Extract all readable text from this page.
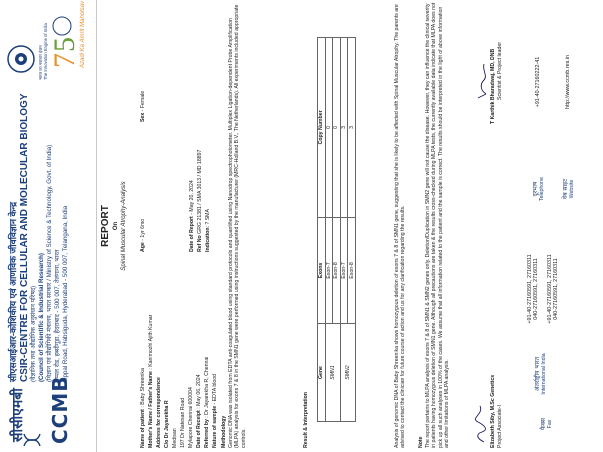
सीसीएमबी CCMB
सीएसआईआर-कोशिकीय एवं आणविक जीवविज्ञान केन्द्र CSIR-CENTRE FOR CELLULAR AND MOLECULAR BIOLOGY (वैज्ञानिक तथा औद्योगिक अनुसंधान परिषद) (Council of Scientific & Industrial Research) (विज्ञान एवं प्रौद्योगिकी मंत्रालय, भारत सरकार / Ministry of Science & Technology, Govt. of India) उप्पल रोड, हब्सीगूड़ा, हैदराबाद - 500 007, तेलंगाना, भारत Uppal Road, Habsiguda, Hyderabad - 500 007, Telangana, India
भारत का नवाचार इंजन The Innovation Engine of India 7
5 Azadi Ka Amrit Mahotsav
REPORT On Spinal Muscular Atrophy-Analysis
Name of patient : Baby Shreenika
Age - 1yr 6mo
Sex - Female
Mother's Name / Father's Name : Kanimozhi Ajith Kumar
Address for correspondence C/o Dr Jayarekha R Medisan 197 Dr Natesan Road Mylapore Chennai 600004 Date of Receipt : May 06, 2024
Date of Report - May 20, 2024
Referred by : Dr Jayarekha R, Chennai
Ref No GRG 21381 / SMA 3013 / MD 18897
Nature of sample - EDTA blood
Indication: ? SMA
Methodology Genomic DNA was isolated from EDTA anti-coagulated blood using standard protocols and quantified using Nanodrop spectrophotometer. Multiplex Ligation-dependent Probe Amplification (MLPA) analysis for exons 7 & 8 in the SMN1 gene were performed using instructions suggested by the manufacturer (MRC-Holland B.V., The Netherlands). All experiments included appropriate controls.	Result & Interpretation
Gene	Exons	Copy Number
SMN1	Exon-7	0
	Exon-8	0
SMN2	Exon-7	3
	Exon-8	3	Analysis of genomic DNA of Baby Shreenika shows homozygous deletion of exons 7 & 8 of SMN1 gene, suggesting that she is likely to be affected with Spinal Muscular Atrophy. The parents are advised to contact the clinician for future course of action and us for any clarification regarding the results. Note The report pertains to MLPA analysis of exons 7 & 8 of SMN1 & SMN2 genes only. Deletion/Duplication in SMN2 gene will not cause the disease. However, they can influence the clinical severity in patients having homozygous deletion of SMN1 gene. Although all precautions are taken & the results cross-checked during MLPA tests, the currently available data indicate that MLPA does not pick up all such analyses in 100% of the cases. We assume that all information related to the patient and the sample is correct. The results should be interpreted in the light of above information and other limitations of MLPA analysis.	Elizabeth Siby, M.Sc Genetics Project Associate-I
T Karthik Bharadwaj, MD, DNB Scientist & Project leader
फैक्स Fax
अंतर्राष्ट्रीय भारत International India
+91-40-27160591, 27160311 040-27160591, 27160311 +91-40-27160591, 27160311 040-27160591, 27160311
दूरभाष Telephone	वेब साइट Website
+91-40-27160222-41	http://www.ccmb.res.in
